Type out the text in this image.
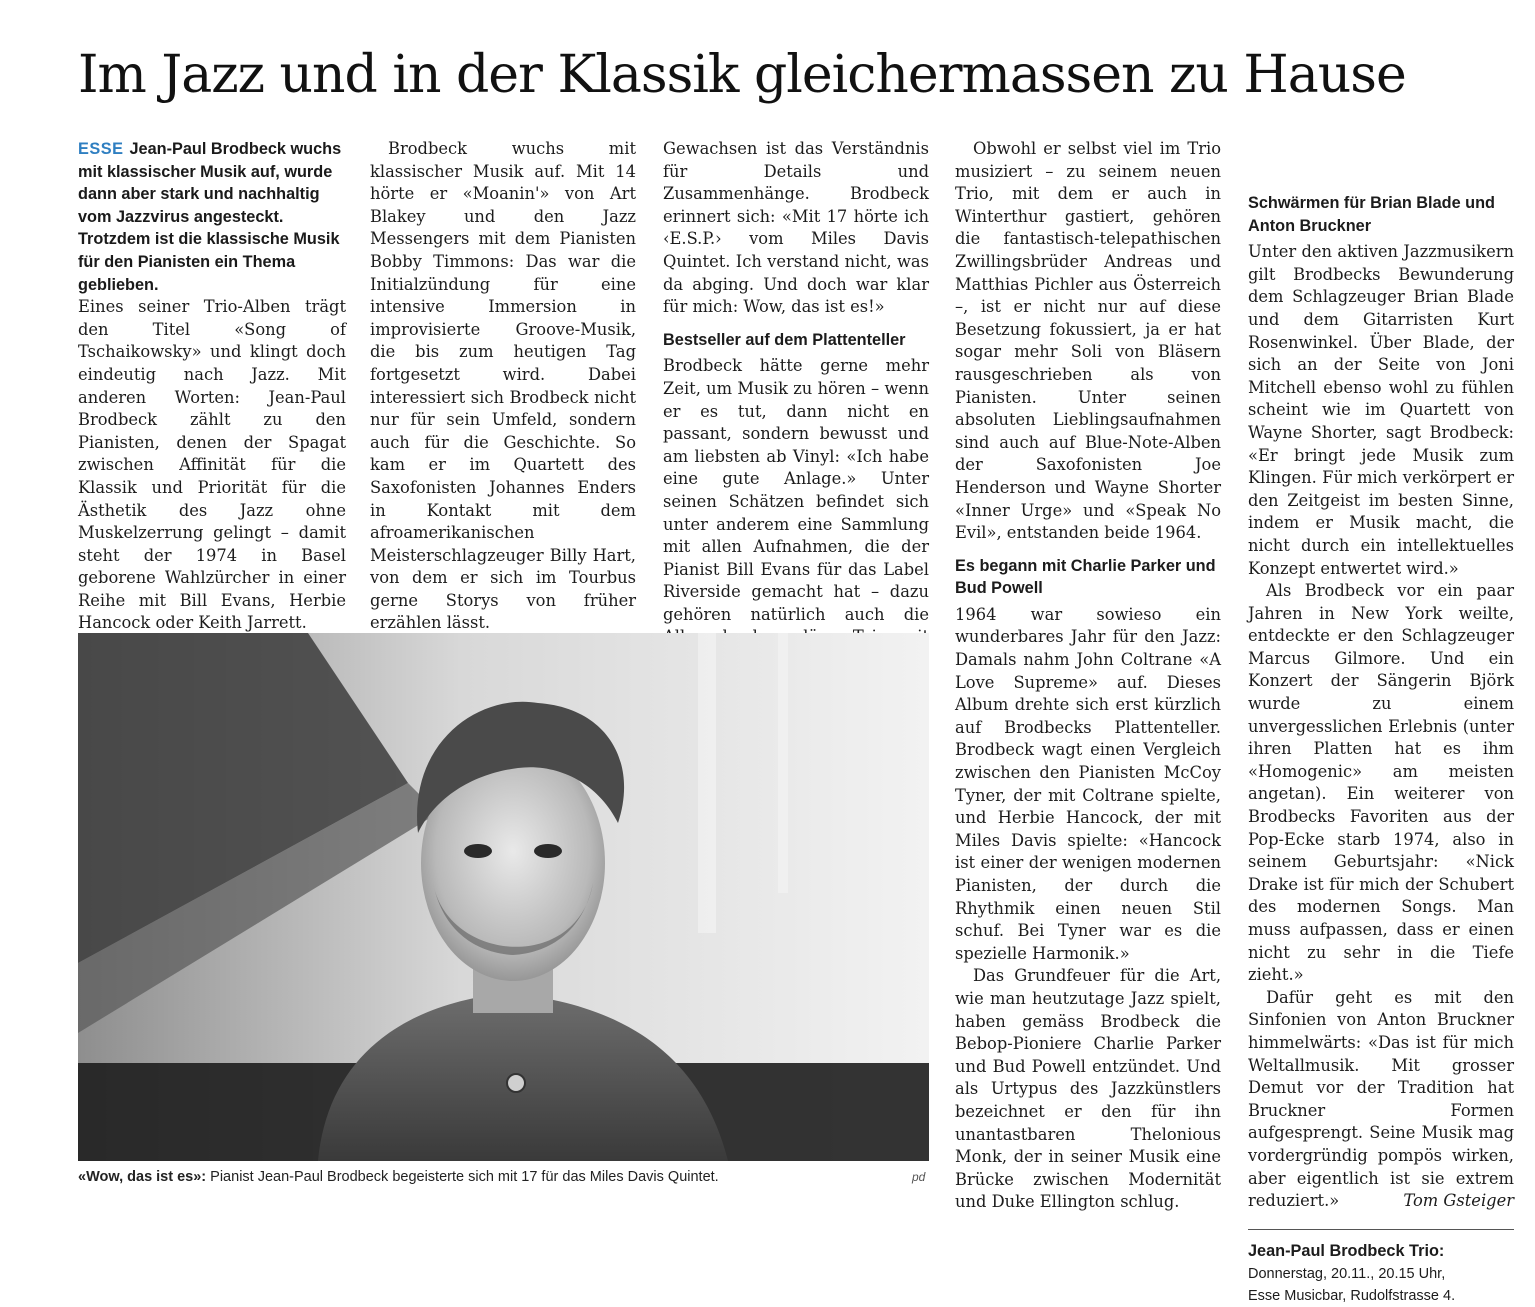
Im Jazz und in der Klassik gleichermassen zu Hause

ESSE Jean-Paul Brodbeck wuchs mit klassischer Musik auf, wurde dann aber stark und nachhaltig vom Jazzvirus angesteckt. Trotzdem ist die klassische Musik für den Pianisten ein Thema geblieben.

Eines seiner Trio-Alben trägt den Titel «Song of Tschaikowsky» und klingt doch eindeutig nach Jazz. Mit anderen Worten: Jean-Paul Brodbeck zählt zu den Pianisten, denen der Spagat zwischen Affinität für die Klassik und Priorität für die Ästhetik des Jazz ohne Muskelzerrung gelingt – damit steht der 1974 in Basel geborene Wahlzürcher in einer Reihe mit Bill Evans, Herbie Hancock oder Keith Jarrett.

Brodbeck wuchs mit klassischer Musik auf. Mit 14 hörte er «Moanin'» von Art Blakey und den Jazz Messengers mit dem Pianisten Bobby Timmons: Das war die Initialzündung für eine intensive Immersion in improvisierte Groove-Musik, die bis zum heutigen Tag fortgesetzt wird. Dabei interessiert sich Brodbeck nicht nur für sein Umfeld, sondern auch für die Geschichte. So kam er im Quartett des Saxofonisten Johannes Enders in Kontakt mit dem afroamerikanischen Meisterschlagzeuger Billy Hart, von dem er sich im Tourbus gerne Storys von früher erzählen lässt.

Gewachsen ist das Verständnis für Details und Zusammenhänge. Brodbeck erinnert sich: «Mit 17 hörte ich ‹E.S.P.› vom Miles Davis Quintet. Ich verstand nicht, was da abging. Und doch war klar für mich: Wow, das ist es!»

Bestseller auf dem Plattenteller

Brodbeck hätte gerne mehr Zeit, um Musik zu hören – wenn er es tut, dann nicht en passant, sondern bewusst und am liebsten ab Vinyl: «Ich habe eine gute Anlage.» Unter seinen Schätzen befindet sich unter anderem eine Sammlung mit allen Aufnahmen, die der Pianist Bill Evans für das Label Riverside gemacht hat – dazu gehören natürlich auch die

Obwohl er selbst viel im Trio musiziert – zu seinem neuen Trio, mit dem er auch in Winterthur gastiert, gehören die fantastisch-telepathischen Zwillingsbrüder Andreas und Matthias Pichler aus Österreich –, ist er nicht nur auf diese Besetzung fokussiert, ja er hat sogar mehr Soli von Bläsern rausgeschrieben als von Pianisten. Unter seinen absoluten Lieblingsaufnahmen sind auch auf Blue-Note-Alben der Saxofonisten Joe Henderson und Wayne Shorter «Inner Urge» und «Speak No Evil», entstanden beide 1964.

Es begann mit Charlie Parker und Bud Powell

1964 war sowieso ein wunderbares Jahr für den Jazz: Damals nahm John Coltrane «A Love Supreme» auf. Dieses Album drehte sich erst kürzlich auf Brodbecks Plattenteller. Brodbeck wagt einen Vergleich zwischen den Pianisten McCoy Tyner, der mit Coltrane spielte, und Herbie Hancock, der mit Miles Davis spielte: «Hancock ist einer der wenigen modernen Pianisten, der durch die Rhythmik einen neuen Stil schuf. Bei Tyner war es die spezielle Harmonik.»

Das Grundfeuer für die Art, wie man heutzutage Jazz spielt, haben gemäss Brodbeck die Bebop-Pioniere Charlie Parker und Bud Powell entzündet. Und als Urtypus des Jazzkünstlers bezeichnet er den für ihn unantastbaren Thelonious Monk, der in seiner Musik eine Brücke zwischen Modernität und Duke Ellington schlug.

Schwärmen für Brian Blade und Anton Bruckner

Unter den aktiven Jazzmusikern gilt Brodbecks Bewunderung dem Schlagzeuger Brian Blade und dem Gitarristen Kurt Rosenwinkel. Über Blade, der sich an der Seite von Joni Mitchell ebenso wohl zu fühlen scheint wie im Quartett von Wayne Shorter, sagt Brodbeck: «Er bringt jede Musik zum Klingen. Für mich verkörpert er den Zeitgeist im besten Sinne, indem er Musik macht, die nicht durch ein intellektuelles Konzept entwertet wird.»

Als Brodbeck vor ein paar Jahren in New York weilte, entdeckte er den Schlagzeuger Marcus Gilmore. Und ein Konzert der Sängerin Björk wurde zu einem unvergesslichen Erlebnis (unter ihren Platten hat es ihm «Homogenic» am meisten angetan). Ein weiterer von Brodbecks Favoriten aus der Pop-Ecke starb 1974, also in seinem Geburtsjahr: «Nick Drake ist für mich der Schubert des modernen Songs. Man muss aufpassen, dass er einen nicht zu sehr in die Tiefe zieht.»

Dafür geht es mit den Sinfonien von Anton Bruckner himmelwärts: «Das ist für mich Weltallmusik. Mit grosser Demut vor der Tradition hat Bruckner Formen aufgesprengt. Seine Musik mag vordergründig pompös wirken, aber eigentlich ist sie extrem reduziert.»	Tom Gsteiger

Jean-Paul Brodbeck Trio:
Donnerstag, 20.11., 20.15 Uhr,
Esse Musicbar, Rudolfstrasse 4.

«Wow, das ist es»: Pianist Jean-Paul Brodbeck begeisterte sich mit 17 für das Miles Davis Quintet.	pd
